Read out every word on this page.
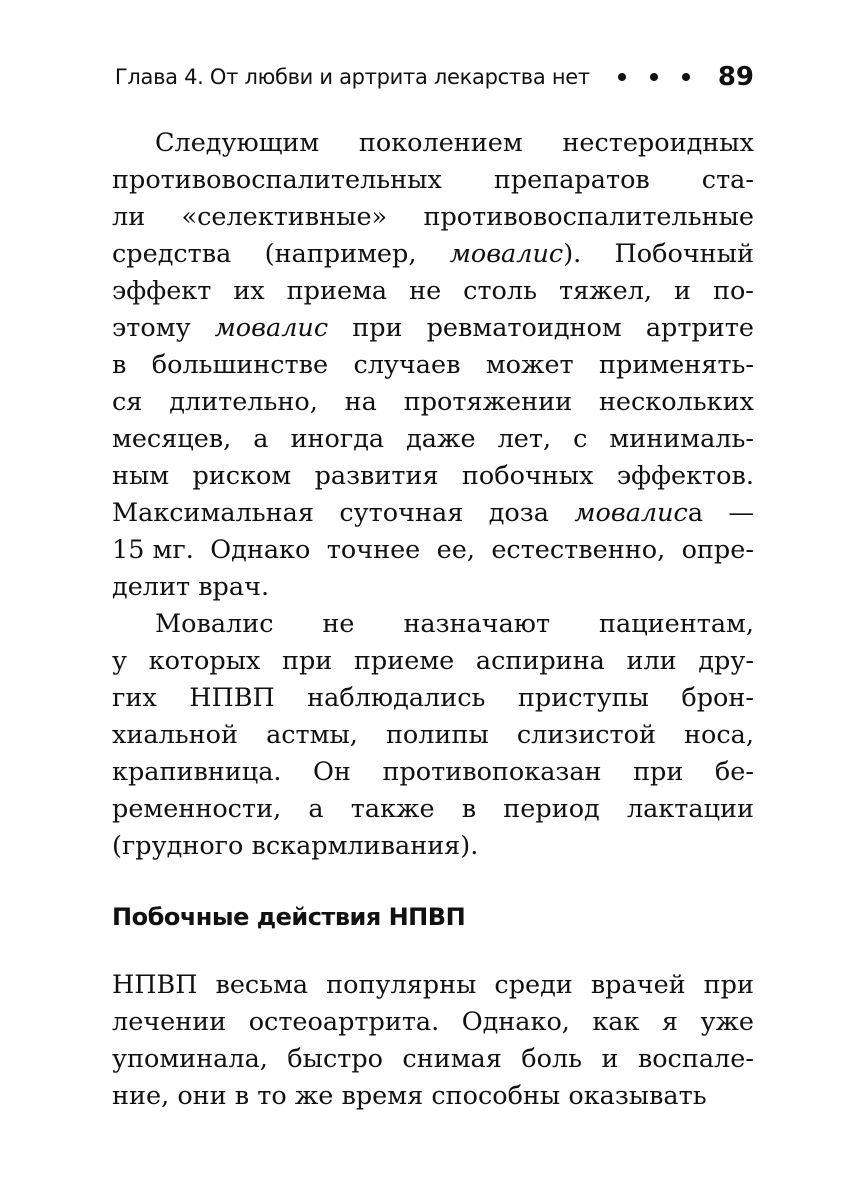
Глава 4. От любви и артрита лекарства нет	89
Следующим поколением нестероидных
противовоспалительных препаратов ста-
ли «селективные» противовоспалительные
средства (например, мовалис). Побочный
эффект их приема не столь тяжел, и по-
этому мовалис при ревматоидном артрите
в большинстве случаев может применять-
ся длительно, на протяжении нескольких
месяцев, а иногда даже лет, с минималь-
ным риском развития побочных эффектов.
Максимальная суточная доза мовалиса —
15 мг. Однако точнее ее, естественно, опре-
делит врач.
Мовалис не назначают пациентам,
у которых при приеме аспирина или дру-
гих НПВП наблюдались приступы брон-
хиальной астмы, полипы слизистой носа,
крапивница. Он противопоказан при бе-
ременности, а также в период лактации
(грудного вскармливания).
Побочные действия НПВП
НПВП весьма популярны среди врачей при
лечении остеоартрита. Однако, как я уже
упоминала, быстро снимая боль и воспале-
ние, они в то же время способны оказывать
